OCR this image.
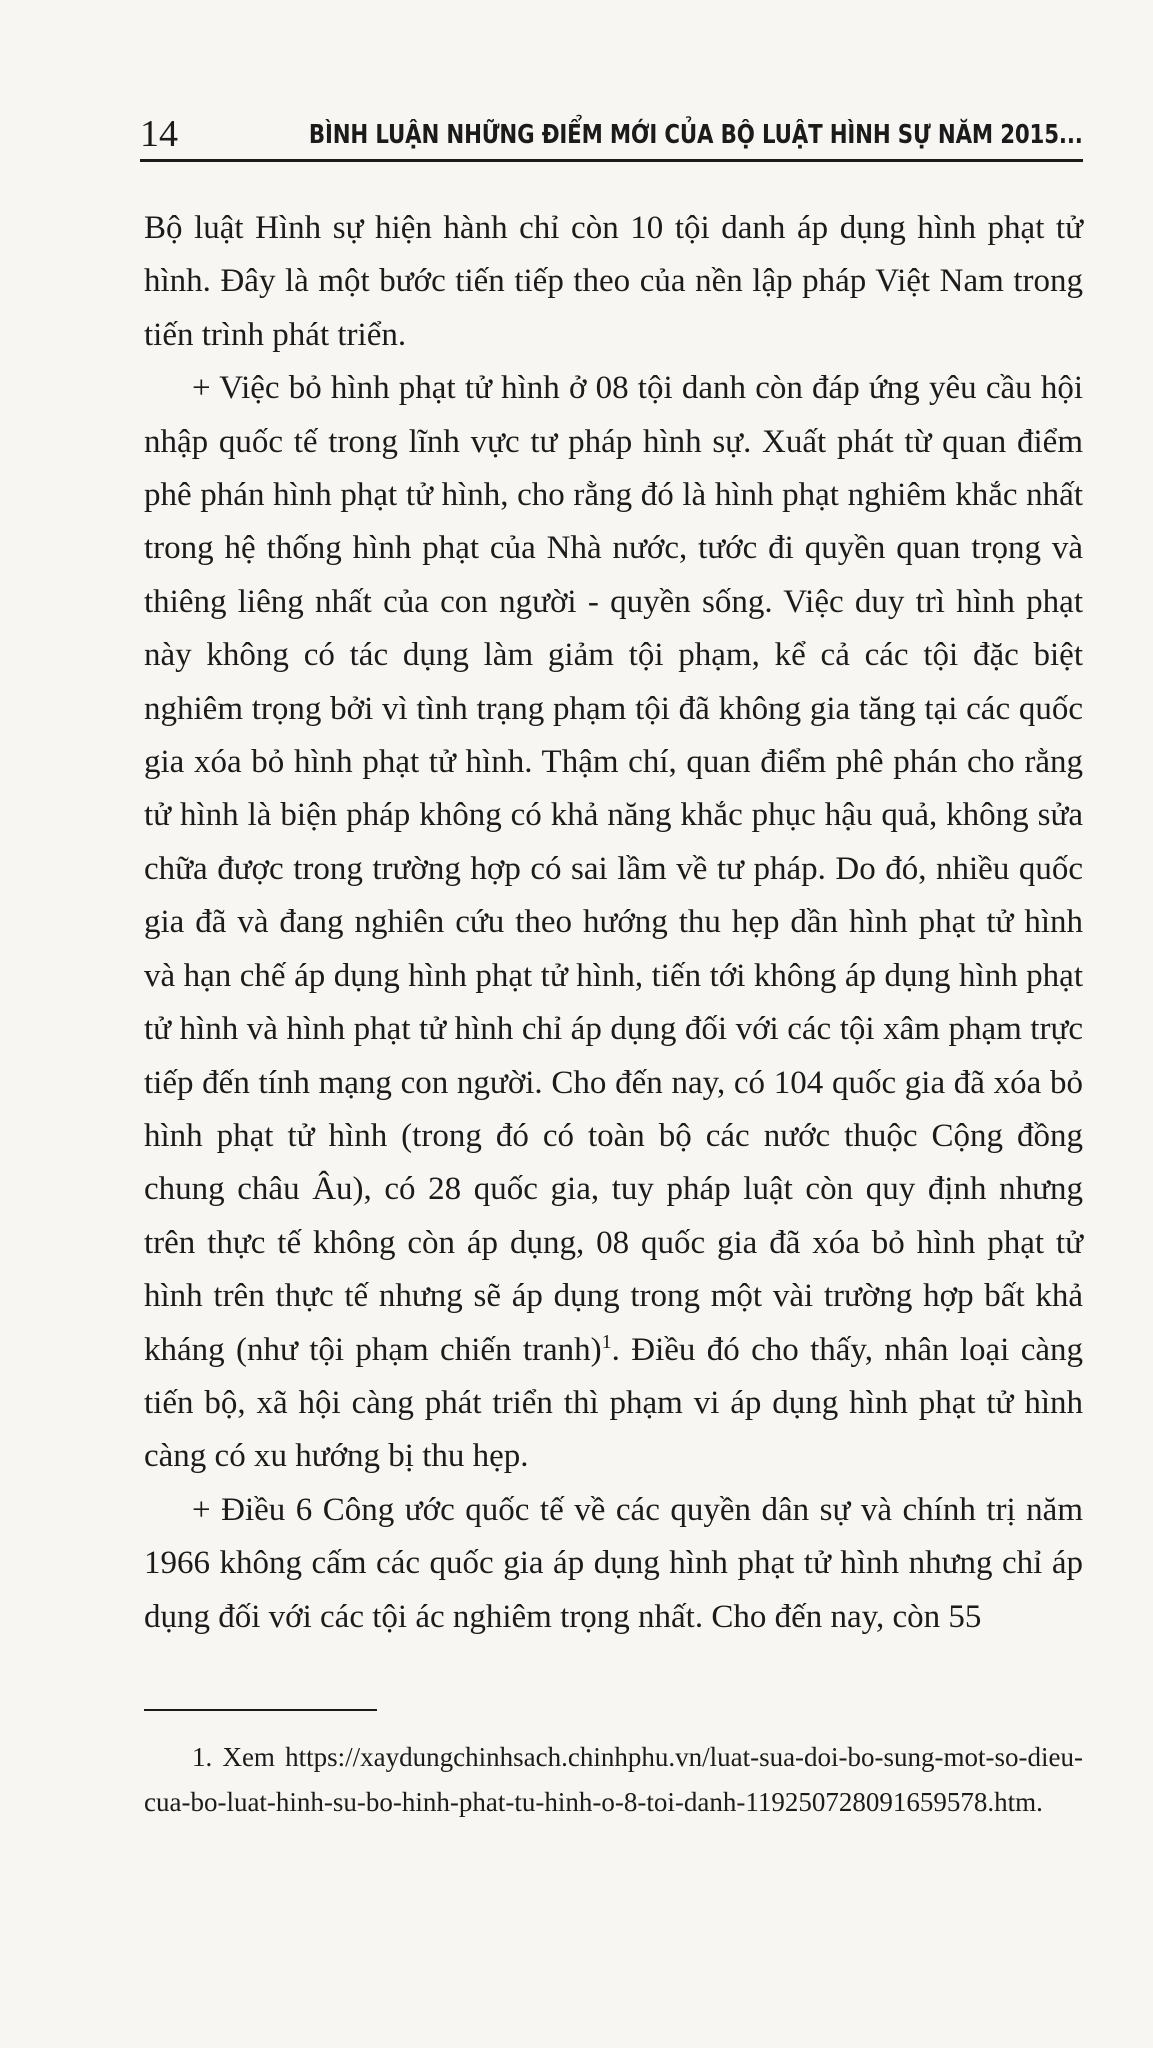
14	BÌNH LUẬN NHỮNG ĐIỂM MỚI CỦA BỘ LUẬT HÌNH SỰ NĂM 2015...

Bộ luật Hình sự hiện hành chỉ còn 10 tội danh áp dụng hình phạt tử hình. Đây là một bước tiến tiếp theo của nền lập pháp Việt Nam trong tiến trình phát triển.

+ Việc bỏ hình phạt tử hình ở 08 tội danh còn đáp ứng yêu cầu hội nhập quốc tế trong lĩnh vực tư pháp hình sự. Xuất phát từ quan điểm phê phán hình phạt tử hình, cho rằng đó là hình phạt nghiêm khắc nhất trong hệ thống hình phạt của Nhà nước, tước đi quyền quan trọng và thiêng liêng nhất của con người - quyền sống. Việc duy trì hình phạt này không có tác dụng làm giảm tội phạm, kể cả các tội đặc biệt nghiêm trọng bởi vì tình trạng phạm tội đã không gia tăng tại các quốc gia xóa bỏ hình phạt tử hình. Thậm chí, quan điểm phê phán cho rằng tử hình là biện pháp không có khả năng khắc phục hậu quả, không sửa chữa được trong trường hợp có sai lầm về tư pháp. Do đó, nhiều quốc gia đã và đang nghiên cứu theo hướng thu hẹp dần hình phạt tử hình và hạn chế áp dụng hình phạt tử hình, tiến tới không áp dụng hình phạt tử hình và hình phạt tử hình chỉ áp dụng đối với các tội xâm phạm trực tiếp đến tính mạng con người. Cho đến nay, có 104 quốc gia đã xóa bỏ hình phạt tử hình (trong đó có toàn bộ các nước thuộc Cộng đồng chung châu Âu), có 28 quốc gia, tuy pháp luật còn quy định nhưng trên thực tế không còn áp dụng, 08 quốc gia đã xóa bỏ hình phạt tử hình trên thực tế nhưng sẽ áp dụng trong một vài trường hợp bất khả kháng (như tội phạm chiến tranh)$^1$. Điều đó cho thấy, nhân loại càng tiến bộ, xã hội càng phát triển thì phạm vi áp dụng hình phạt tử hình càng có xu hướng bị thu hẹp.

+ Điều 6 Công ước quốc tế về các quyền dân sự và chính trị năm 1966 không cấm các quốc gia áp dụng hình phạt tử hình nhưng chỉ áp dụng đối với các tội ác nghiêm trọng nhất. Cho đến nay, còn 55

1. Xem https://xaydungchinhsach.chinhphu.vn/luat-sua-doi-bo-sung-mot-so-dieu-cua-bo-luat-hinh-su-bo-hinh-phat-tu-hinh-o-8-toi-danh-119250728091659578.htm.
